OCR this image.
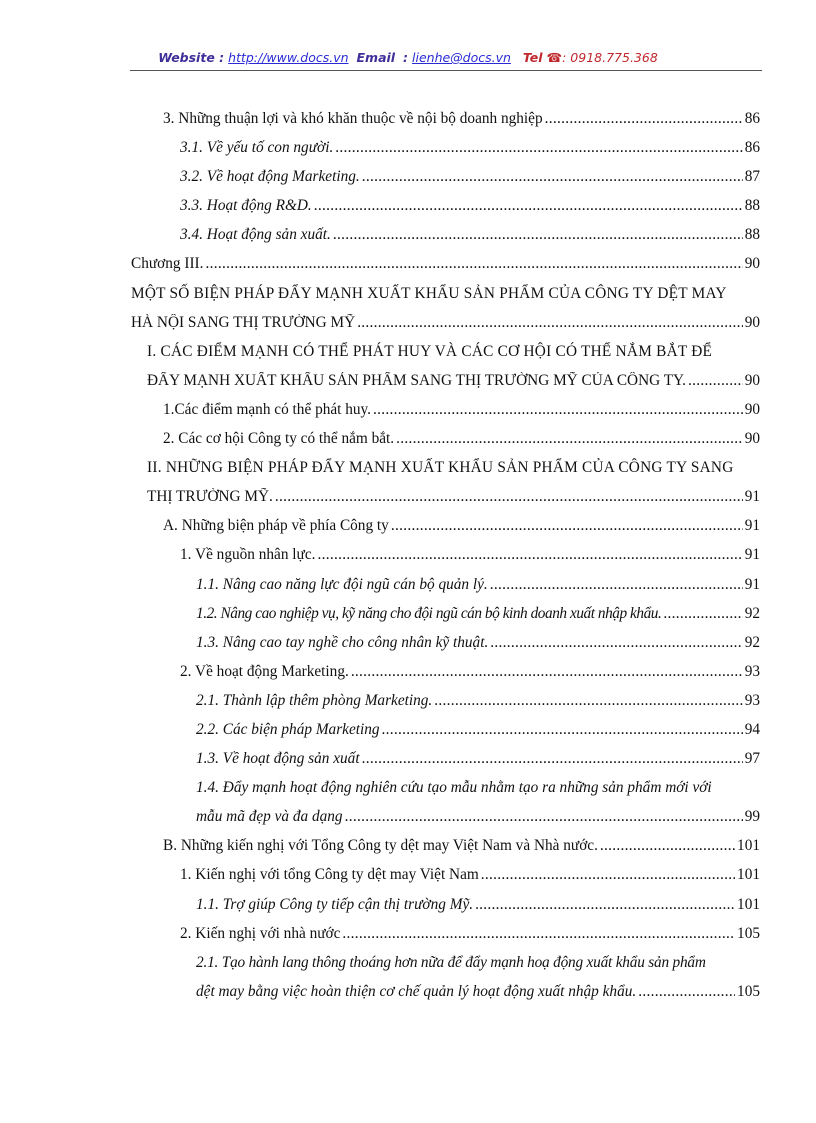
Website : http://www.docs.vn Email : lienhe@docs.vn Tel ☎: 0918.775.368
3. Những thuận lợi và khó khăn thuộc về nội bộ doanh nghiệp .....	86
3.1. Về yếu tố con người. .....	86
3.2. Về hoạt động Marketing. .....	87
3.3. Hoạt động R&D. .....	88
3.4. Hoạt động sản xuất. .....	88
Chương III. .....	90
MỘT SỐ BIỆN PHÁP ĐẨY MẠNH XUẤT KHẨU SẢN PHẨM CỦA CÔNG TY DỆT MAY
HÀ NỘI SANG THỊ TRƯỜNG MỸ .....	90
I. CÁC ĐIỂM MẠNH CÓ THỂ PHÁT HUY VÀ CÁC CƠ HỘI CÓ THỂ NẮM BẮT ĐỂ
ĐẨY MẠNH XUẤT KHẨU SẢN PHẨM SANG THỊ TRƯỜNG MỸ CỦA CÔNG TY. .....	90
1.Các điểm mạnh có thể phát huy. .....	90
2. Các cơ hội Công ty có thể nắm bắt. .....	90
II. NHỮNG BIỆN PHÁP ĐẨY MẠNH XUẤT KHẨU SẢN PHẨM CỦA CÔNG TY SANG
THỊ TRƯỜNG MỸ. .....	91
A. Những biện pháp về phía Công ty .....	91
1. Về nguồn nhân lực. .....	91
1.1. Nâng cao năng lực đội ngũ cán bộ quản lý. .....	91
1.2. Nâng cao nghiệp vụ, kỹ năng cho đội ngũ cán bộ kinh doanh xuất nhập khẩu. .....	92
1.3. Nâng cao tay nghề cho công nhân kỹ thuật. .....	92
2. Về hoạt động Marketing. .....	93
2.1. Thành lập thêm phòng Marketing. .....	93
2.2. Các biện pháp Marketing .....	94
1.3. Về hoạt động sản xuất .....	97
1.4. Đẩy mạnh hoạt động nghiên cứu tạo mẫu nhằm tạo ra những sản phẩm mới với
mẫu mã đẹp và đa dạng .....	99
B. Những kiến nghị với Tổng Công ty dệt may Việt Nam và Nhà nước. .....	101
1. Kiến nghị với tổng Công ty dệt may Việt Nam .....	101
1.1. Trợ giúp Công ty tiếp cận thị trường Mỹ. .....	101
2. Kiến nghị với nhà nước .....	105
2.1. Tạo hành lang thông thoáng hơn nữa để đẩy mạnh hoạ động xuất khẩu sản phẩm
dệt may bằng việc hoàn thiện cơ chế quản lý hoạt động xuất nhập khẩu. .....	105
